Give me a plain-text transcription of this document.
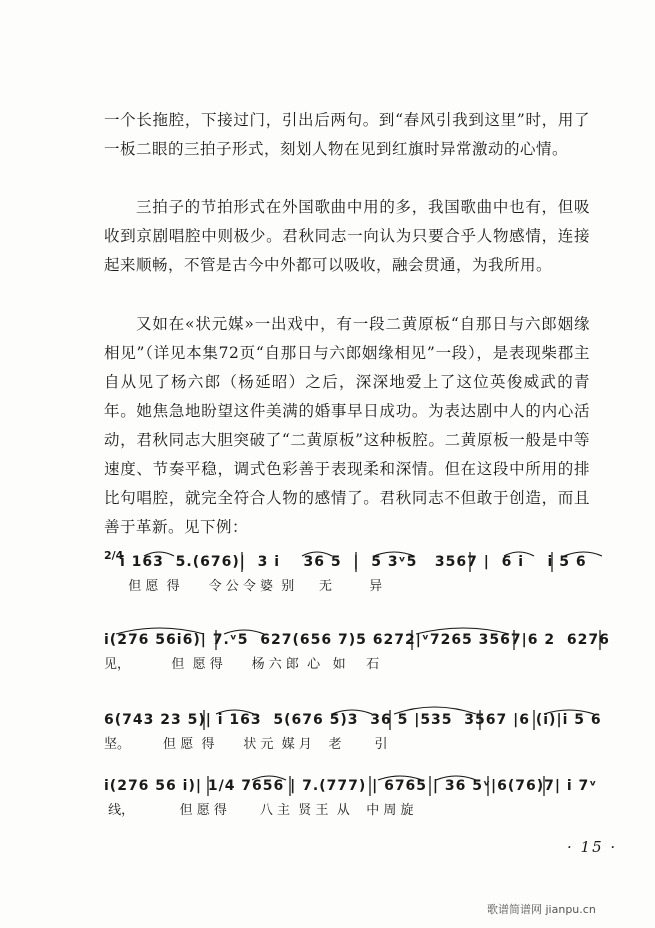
一个长拖腔，下接过门，引出后两句。到“春风引我到这里”时，用了一板二眼的三拍子形式，刻划人物在见到红旗时异常激动的心情。

三拍子的节拍形式在外国歌曲中用的多，我国歌曲中也有，但吸收到京剧唱腔中则极少。君秋同志一向认为只要合乎人物感情，连接起来顺畅，不管是古今中外都可以吸收，融会贯通，为我所用。

又如在«状元媒»一出戏中，有一段二黄原板“自那日与六郎姻缘相见”（详见本集72页“自那日与六郎姻缘相见”一段），是表现柴郡主自从见了杨六郎（杨延昭）之后，深深地爱上了这位英俊威武的青年。她焦急地盼望这件美满的婚事早日成功。为表达剧中人的内心活动，君秋同志大胆突破了“二黄原板”这种板腔。二黄原板一般是中等速度、节奏平稳，调式色彩善于表现柔和深情。但在这段中所用的排比句唱腔，就完全符合人物的感情了。君秋同志不但敢于创造，而且善于革新。见下例：

2/4
i 163  5.(676)|  3 i    36 5  |  5 3ᵛ5   3567 |  6 i    i 5 6
但 愿  得       令 公 令 婆  别      无         异
i(276 56i6)| 7.ᵛ5  627(656 7)5 6272|ᵛ7265 3567|6 2  6276
见，          但  愿 得       杨 六 郎  心   如     石
6(743 23 5)| i 163  5(676 5)3  36 5 |535  3567 |6 (i)|i 5 6
坚。        但 愿  得       状 元  媒 月    老        引
i(276 56 i)| 1/4 7656 | 7.(777) | 6765 | 36 5ᵛ|6(76)7| i 7ᵛ
线，           但 愿 得        八 主  贤 王  从    中 周 旋
· 15 ·
歌谱简谱网 jianpu.cn
